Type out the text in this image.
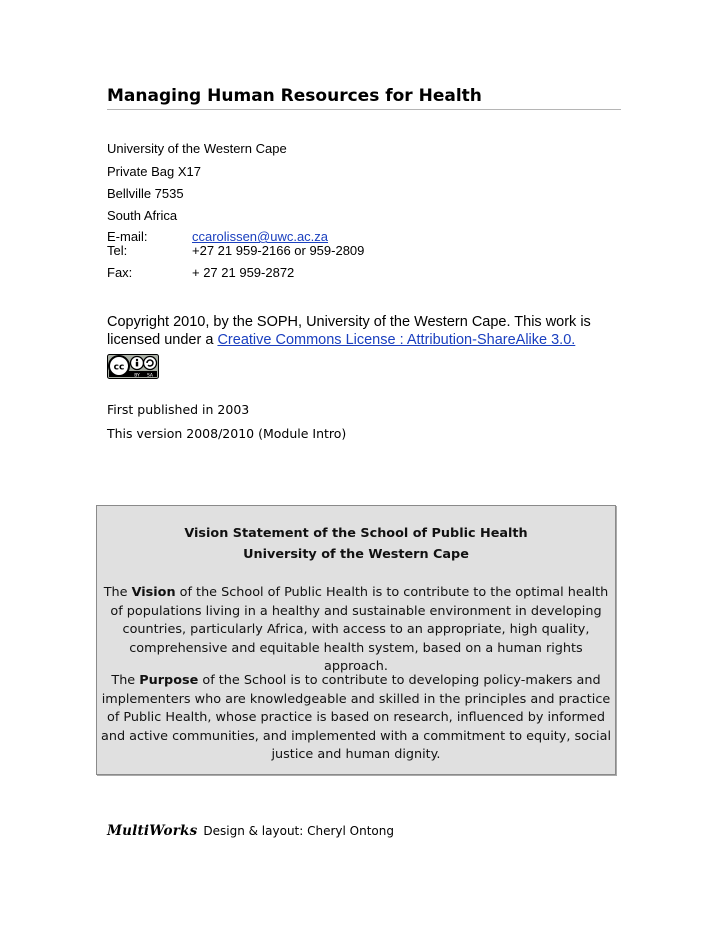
Managing Human Resources for Health
University of the Western Cape
Private Bag X17
Bellville 7535
South Africa
E-mail:	ccarolissen@uwc.ac.za
Tel:	+27 21 959-2166 or 959-2809
Fax:	+ 27 21 959-2872
Copyright 2010, by the SOPH, University of the Western Cape. This work is licensed under a Creative Commons License : Attribution-ShareAlike 3.0.
cc
BY SA
First published in 2003
This version 2008/2010 (Module Intro)
Vision Statement of the School of Public Health
University of the Western Cape
The Vision of the School of Public Health is to contribute to the optimal health of populations living in a healthy and sustainable environment in developing countries, particularly Africa, with access to an appropriate, high quality, comprehensive and equitable health system, based on a human rights approach.
The Purpose of the School is to contribute to developing policy-makers and implementers who are knowledgeable and skilled in the principles and practice of Public Health, whose practice is based on research, influenced by informed and active communities, and implemented with a commitment to equity, social justice and human dignity.
MultiWorks Design & layout: Cheryl Ontong
